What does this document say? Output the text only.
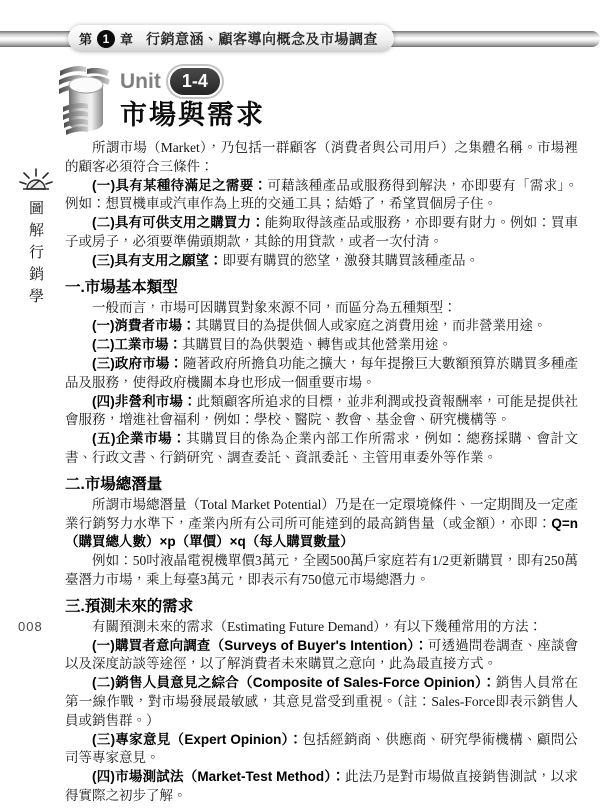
第 1 章 行銷意涵、顧客導向概念及市場調查
Unit	1-4
市場與需求
圖解行銷學
008

所謂市場（Market），乃包括一群顧客（消費者與公司用戶）之集體名稱。市場裡的顧客必須符合三條件：

(一)具有某種待滿足之需要：可藉該種產品或服務得到解決，亦即要有「需求」。例如：想買機車或汽車作為上班的交通工具；結婚了，希望買個房子住。

(二)具有可供支用之購買力：能夠取得該產品或服務，亦即要有財力。例如：買車子或房子，必須要準備頭期款，其餘的用貸款，或者一次付清。

(三)具有支用之願望：即要有購買的慾望，激發其購買該種產品。

一.市場基本類型

一般而言，市場可因購買對象來源不同，而區分為五種類型：

(一)消費者市場：其購買目的為提供個人或家庭之消費用途，而非營業用途。

(二)工業市場：其購買目的為供製造、轉售或其他營業用途。

(三)政府市場：隨著政府所擔負功能之擴大，每年提撥巨大數額預算於購買多種產品及服務，使得政府機關本身也形成一個重要市場。

(四)非營利市場：此類顧客所追求的目標，並非利潤或投資報酬率，可能是提供社會服務，增進社會福利，例如：學校、醫院、教會、基金會、研究機構等。

(五)企業市場：其購買目的係為企業內部工作所需求，例如：總務採購、會計文書、行政文書、行銷研究、調查委託、資訊委託、主管用車委外等作業。

二.市場總潛量

所謂市場總潛量（Total Market Potential）乃是在一定環境條件、一定期間及一定產業行銷努力水準下，產業內所有公司所可能達到的最高銷售量（或金額），亦即：Q=n（購買總人數）×p（單價）×q（每人購買數量）

例如：50吋液晶電視機單價3萬元，全國500萬戶家庭若有1/2更新購買，即有250萬臺潛力市場，乘上每臺3萬元，即表示有750億元市場總潛力。

三.預測未來的需求

有關預測未來的需求（Estimating Future Demand），有以下幾種常用的方法：

(一)購買者意向調查（Surveys of Buyer's Intention）：可透過問卷調查、座談會以及深度訪談等途徑，以了解消費者未來購買之意向，此為最直接方式。

(二)銷售人員意見之綜合（Composite of Sales-Force Opinion）：銷售人員常在第一線作戰，對市場發展最敏感，其意見當受到重視。（註：Sales-Force即表示銷售人員或銷售群。）

(三)專家意見（Expert Opinion）：包括經銷商、供應商、研究學術機構、顧問公司等專家意見。

(四)市場測試法（Market-Test Method）：此法乃是對市場做直接銷售測試，以求得實際之初步了解。
